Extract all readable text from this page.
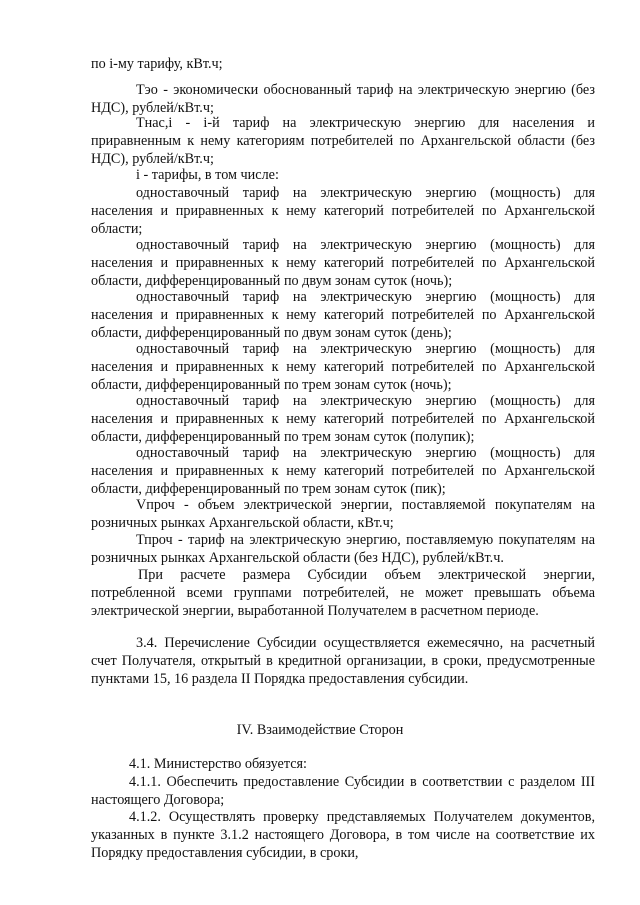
по i-му тарифу, кВт.ч;

Тэо - экономически обоснованный тариф на электрическую энергию (без НДС), рублей/кВт.ч;

Тнас,i - i-й тариф на электрическую энергию для населения и приравненным к нему категориям потребителей по Архангельской области (без НДС), рублей/кВт.ч;

i - тарифы, в том числе:

одноставочный тариф на электрическую энергию (мощность) для населения и приравненных к нему категорий потребителей по Архангельской области;

одноставочный тариф на электрическую энергию (мощность) для населения и приравненных к нему категорий потребителей по Архангельской области, дифференцированный по двум зонам суток (ночь);

одноставочный тариф на электрическую энергию (мощность) для населения и приравненных к нему категорий потребителей по Архангельской области, дифференцированный по двум зонам суток (день);

одноставочный тариф на электрическую энергию (мощность) для населения и приравненных к нему категорий потребителей по Архангельской области, дифференцированный по трем зонам суток (ночь);

одноставочный тариф на электрическую энергию (мощность) для населения и приравненных к нему категорий потребителей по Архангельской области, дифференцированный по трем зонам суток (полупик);

одноставочный тариф на электрическую энергию (мощность) для населения и приравненных к нему категорий потребителей по Архангельской области, дифференцированный по трем зонам суток (пик);

Vпроч - объем электрической энергии, поставляемой покупателям на розничных рынках Архангельской области, кВт.ч;

Тпроч - тариф на электрическую энергию, поставляемую покупателям на розничных рынках Архангельской области (без НДС), рублей/кВт.ч.

При расчете размера Субсидии объем электрической энергии, потребленной всеми группами потребителей, не может превышать объема электрической энергии, выработанной Получателем в расчетном периоде.

3.4. Перечисление Субсидии осуществляется ежемесячно, на расчетный счет Получателя, открытый в кредитной организации, в сроки, предусмотренные пунктами 15, 16 раздела II Порядка предоставления субсидии.

IV. Взаимодействие Сторон

4.1. Министерство обязуется:

4.1.1. Обеспечить предоставление Субсидии в соответствии с разделом III настоящего Договора;

4.1.2. Осуществлять проверку представляемых Получателем документов, указанных в пункте 3.1.2 настоящего Договора, в том числе на соответствие их Порядку предоставления субсидии, в сроки,
